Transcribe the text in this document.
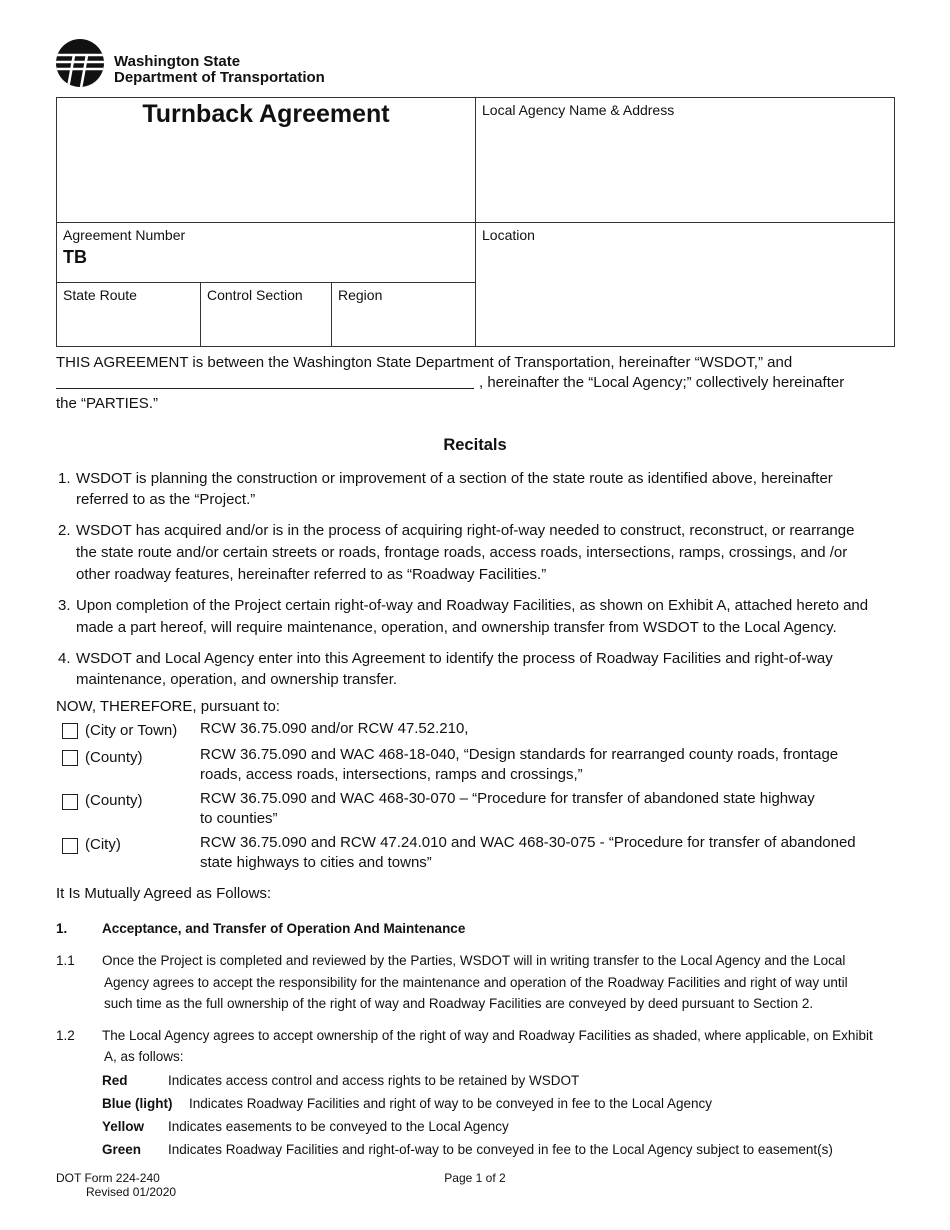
Washington State
Department of Transportation
Turnback Agreement	Local Agency Name & Address
Agreement Number
TB
Location
State Route	Control Section	Region
THIS AGREEMENT is between the Washington State Department of Transportation, hereinafter “WSDOT,” and
, hereinafter the “Local Agency;” collectively hereinafter
the “PARTIES.”
Recitals
1. WSDOT is planning the construction or improvement of a section of the state route as identified above, hereinafter
referred to as the “Project.”
2. WSDOT has acquired and/or is in the process of acquiring right-of-way needed to construct, reconstruct, or rearrange
the state route and/or certain streets or roads, frontage roads, access roads, intersections, ramps, crossings, and /or
other roadway features, hereinafter referred to as “Roadway Facilities.”
3. Upon completion of the Project certain right-of-way and Roadway Facilities, as shown on Exhibit A, attached hereto and
made a part hereof, will require maintenance, operation, and ownership transfer from WSDOT to the Local Agency.
4. WSDOT and Local Agency enter into this Agreement to identify the process of Roadway Facilities and right-of-way
maintenance, operation, and ownership transfer.
NOW, THEREFORE, pursuant to:
(City or Town) RCW 36.75.090 and/or RCW 47.52.210,
(County)	RCW 36.75.090 and WAC 468-18-040, “Design standards for rearranged county roads, frontage
roads, access roads, intersections, ramps and crossings,”
(County)	RCW 36.75.090 and WAC 468-30-070 – “Procedure for transfer of abandoned state highway
to counties”
(City)	RCW 36.75.090 and RCW 47.24.010 and WAC 468-30-075 - “Procedure for transfer of abandoned
state highways to cities and towns”
It Is Mutually Agreed as Follows:
1.	Acceptance, and Transfer of Operation And Maintenance
1.1 Once the Project is completed and reviewed by the Parties, WSDOT will in writing transfer to the Local Agency and the Local
Agency agrees to accept the responsibility for the maintenance and operation of the Roadway Facilities and right of way until
such time as the full ownership of the right of way and Roadway Facilities are conveyed by deed pursuant to Section 2.
1.2 The Local Agency agrees to accept ownership of the right of way and Roadway Facilities as shaded, where applicable, on Exhibit
A, as follows:
Red	Indicates access control and access rights to be retained by WSDOT
Blue (light) Indicates Roadway Facilities and right of way to be conveyed in fee to the Local Agency
Yellow Indicates easements to be conveyed to the Local Agency
Green Indicates Roadway Facilities and right-of-way to be conveyed in fee to the Local Agency subject to easement(s)
DOT Form 224-240
Revised 01/2020
Page 1 of 2
